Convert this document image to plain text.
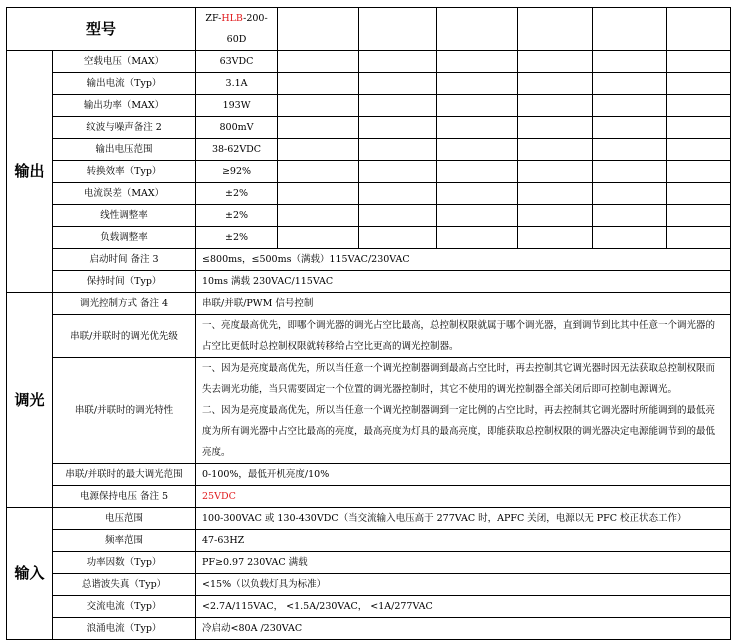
型号		ZF-HLB-200-60D						
输出	空载电压（MAX）	63VDC						
	输出电流（Typ）	3.1A						
	输出功率（MAX）	193W						
	纹波与噪声备注 2	800mV						
	输出电压范围	38-62VDC						
	转换效率（Typ）	≥92%						
	电流误差（MAX）	±2%						
	线性调整率	±2%						
	负载调整率	±2%						
	启动时间 备注 3	≤800ms，≤500ms（满载）115VAC/230VAC						
	保持时间（Typ）	10ms 满载 230VAC/115VAC						
调光	调光控制方式 备注 4	串联/并联/PWM 信号控制						
	串联/并联时的调光优先级	一、亮度最高优先，即哪个调光器的调光占空比最高，总控制权限就属于哪个调光器，直到调节到比其中任意一个调光器的占空比更低时总控制权限就转移给占空比更高的调光控制器。						
	串联/并联时的调光特性	一、因为是亮度最高优先，所以当任意一个调光控制器调到最高占空比时，再去控制其它调光器时因无法获取总控制权限而失去调光功能，当只需要固定一个位置的调光器控制时，其它不使用的调光控制器全部关闭后即可控制电源调光。
二、因为是亮度最高优先，所以当任意一个调光控制器调到一定比例的占空比时，再去控制其它调光器时所能调到的最低亮度为所有调光器中占空比最高的亮度，最高亮度为灯具的最高亮度，即能获取总控制权限的调光器决定电源能调节到的最低亮度。						

	串联/并联时的最大调光范围	0-100%，最低开机亮度/10%						
	电源保持电压 备注 5	25VDC						
输入	电压范围	100-300VAC 或 130-430VDC（当交流输入电压高于 277VAC 时，APFC 关闭，电源以无 PFC 校正状态工作）						
	频率范围	47-63HZ						
	功率因数（Typ）	PF≥0.97 230VAC 满载						
	总谐波失真（Typ）	<15%（以负载灯具为标准）						
	交流电流（Typ）	<2.7A/115VAC， <1.5A/230VAC， <1A/277VAC						
	浪涌电流（Typ）	冷启动<80A /230VAC						
